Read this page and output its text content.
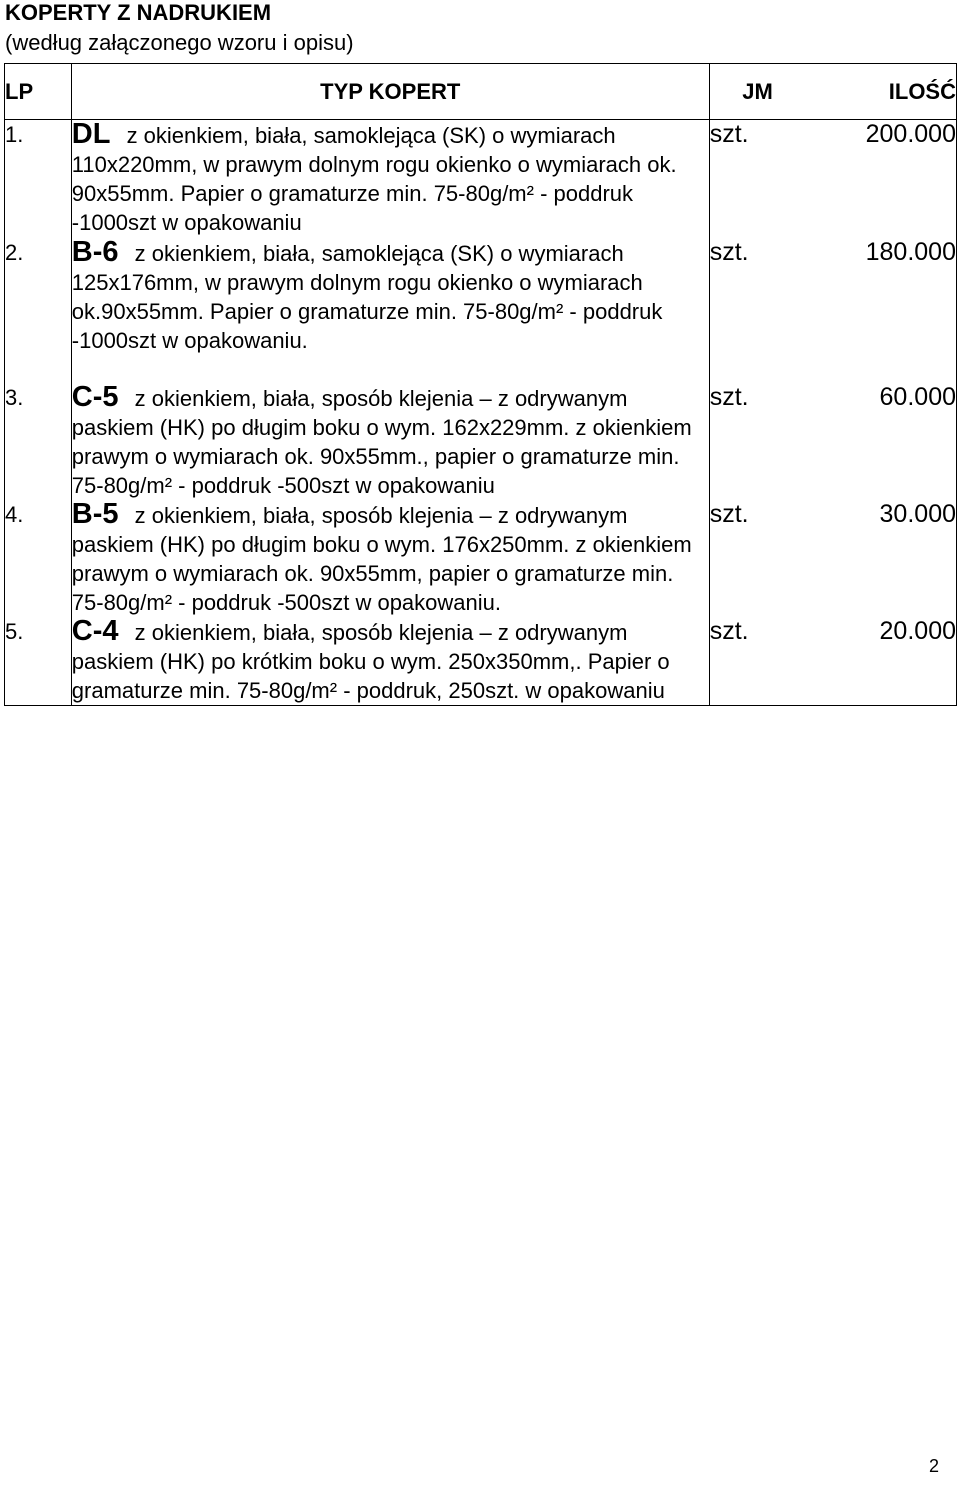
KOPERTY Z NADRUKIEM
(według załączonego wzoru i opisu)
LP	TYP KOPERT	JM	ILOŚĆ
1.	DL z okienkiem, biała, samoklejąca (SK) o wymiarach 110x220mm, w prawym dolnym rogu okienko o wymiarach ok. 90x55mm. Papier o gramaturze min. 75-80g/m² - poddruk -1000szt w opakowaniu	szt.	200.000
2.	B-6 z okienkiem, biała, samoklejąca (SK) o wymiarach 125x176mm, w prawym dolnym rogu okienko o wymiarach ok.90x55mm. Papier o gramaturze min. 75-80g/m² - poddruk -1000szt w opakowaniu.	szt.	180.000
3.	C-5 z okienkiem, biała, sposób klejenia – z odrywanym paskiem (HK) po długim boku o wym. 162x229mm. z okienkiem prawym o wymiarach ok. 90x55mm., papier o gramaturze min. 75-80g/m² - poddruk -500szt w opakowaniu	szt.	60.000
4.	B-5 z okienkiem, biała, sposób klejenia – z odrywanym paskiem (HK) po długim boku o wym. 176x250mm. z okienkiem prawym o wymiarach ok. 90x55mm, papier o gramaturze min. 75-80g/m² - poddruk -500szt w opakowaniu.	szt.	30.000
5.	C-4 z okienkiem, biała, sposób klejenia – z odrywanym paskiem (HK) po krótkim boku o wym. 250x350mm,. Papier o gramaturze min. 75-80g/m² - poddruk, 250szt. w opakowaniu	szt.	20.000
2
